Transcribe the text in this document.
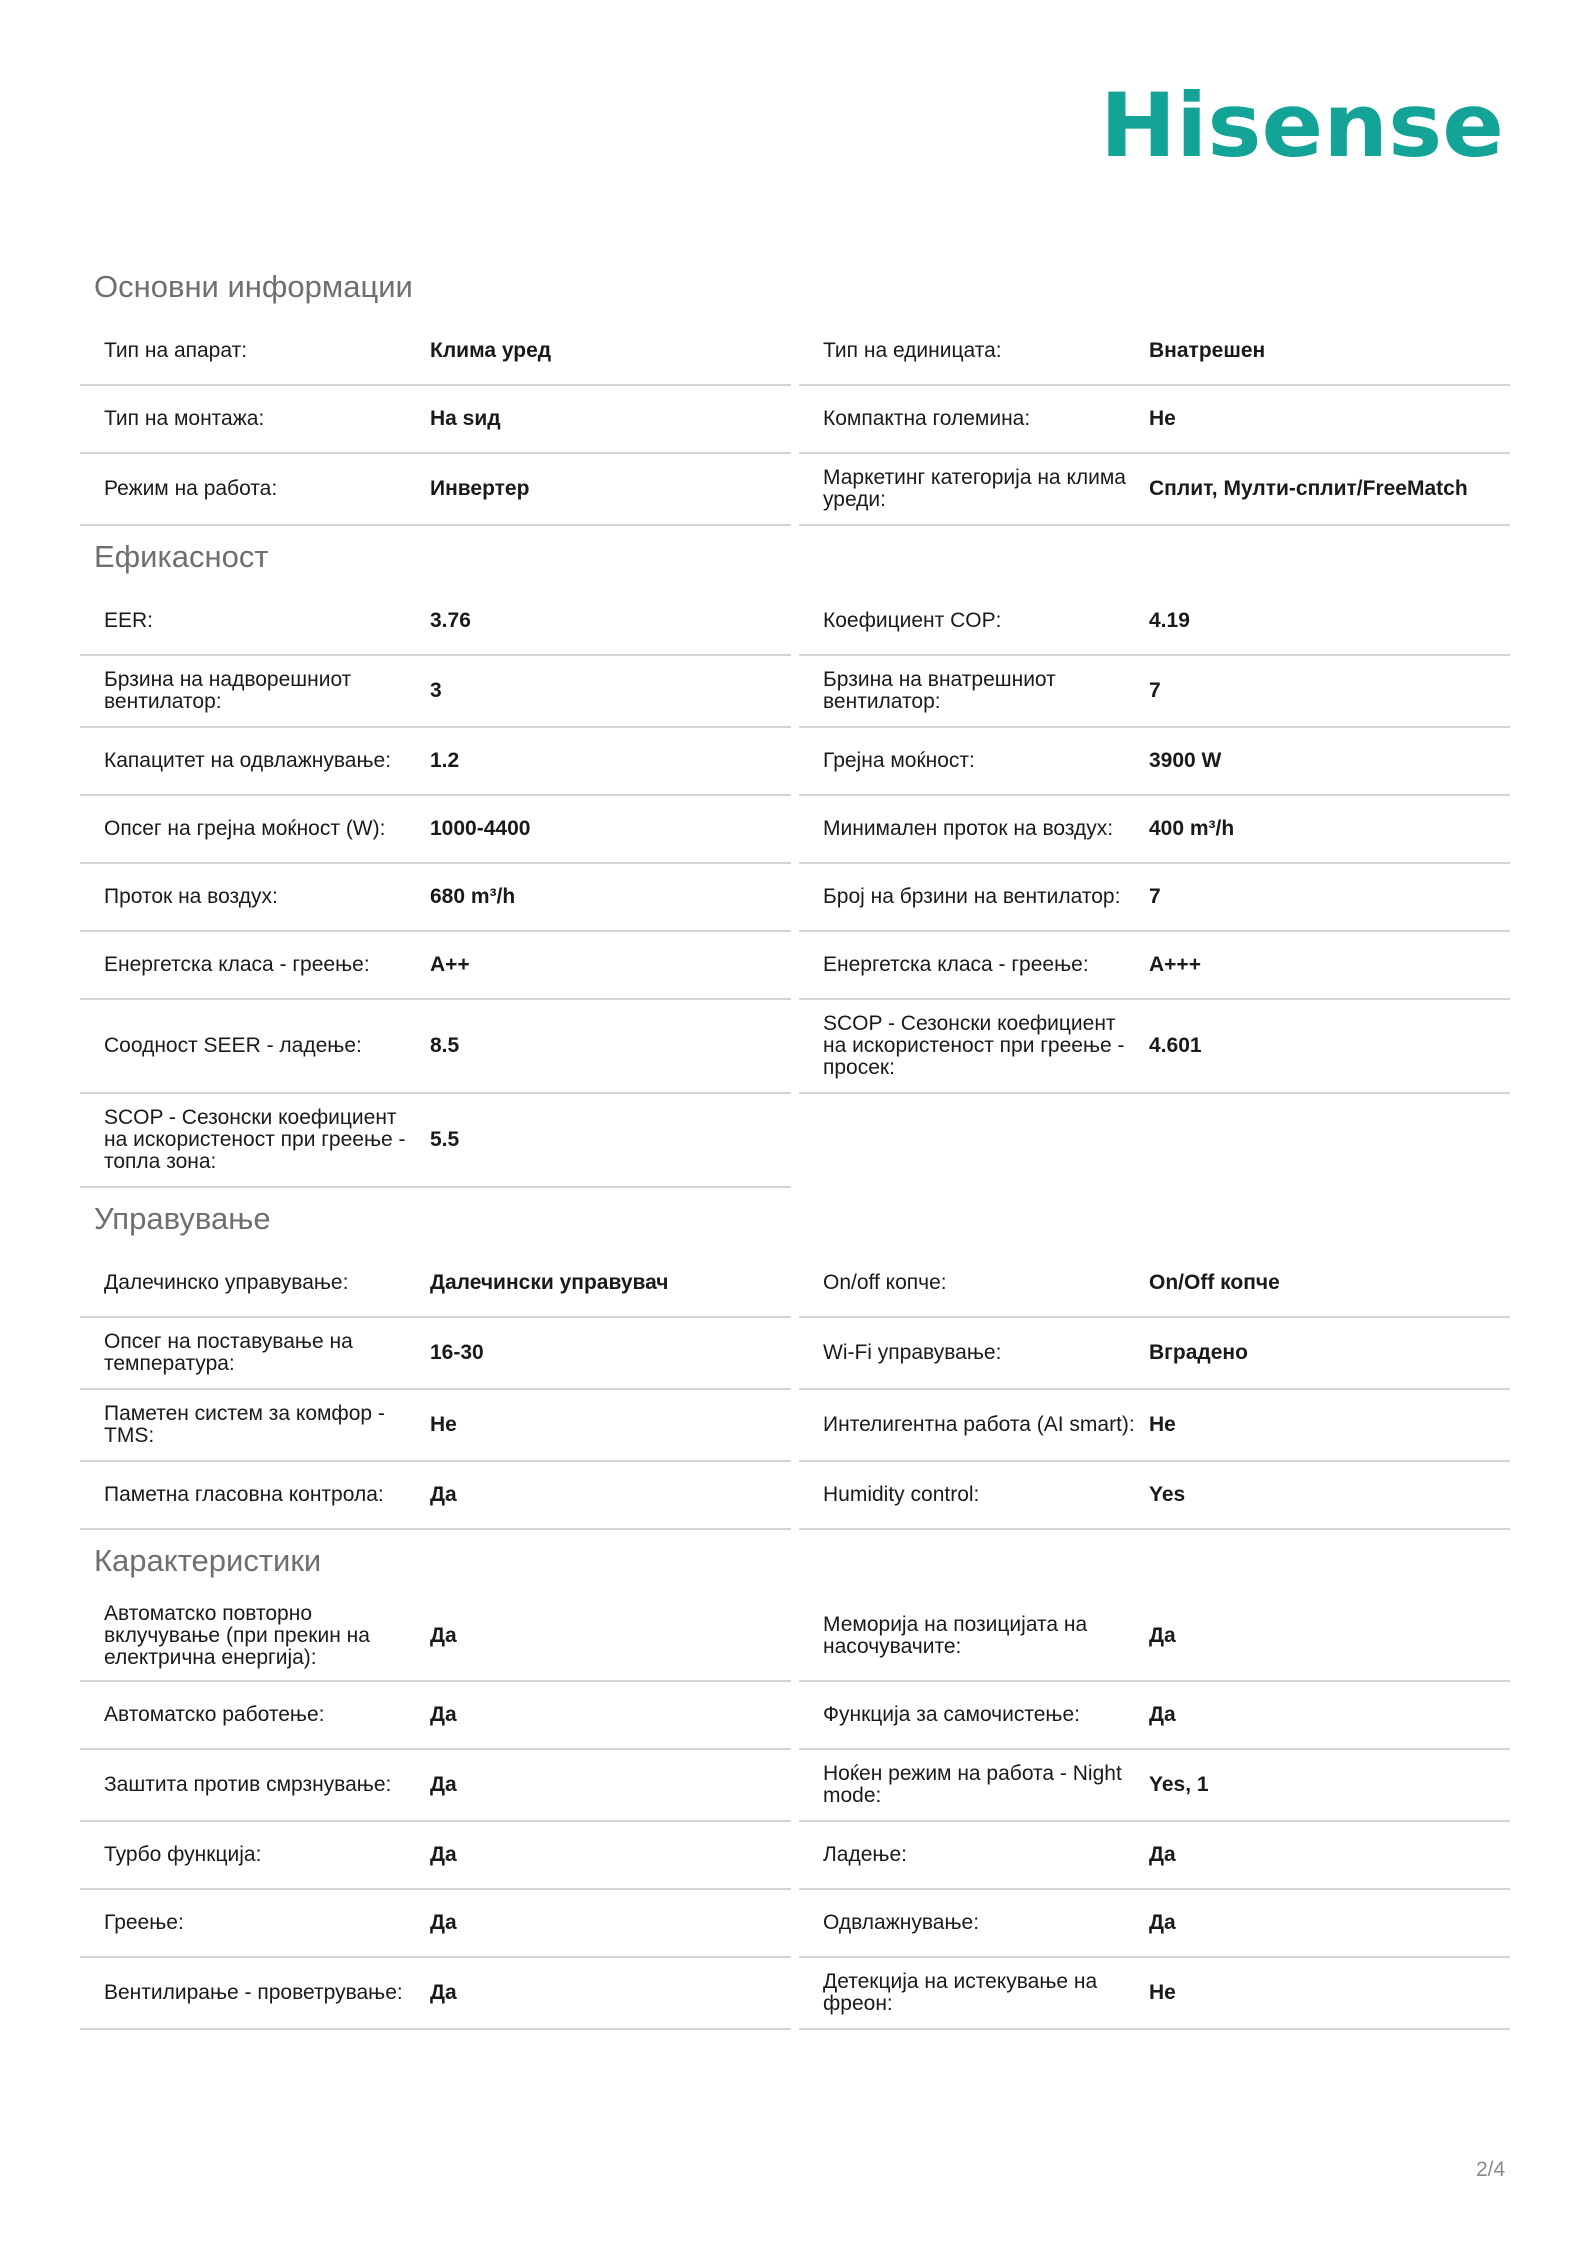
Hisense
Основни информации
Тип на апарат:	Клима уред
Тип на монтажа:	На ѕид
Режим на работа:	Инвертер
Тип на единицата:	Внатрешен
Компактна големина:	Не
Маркетинг категорија на клима уреди:	Сплит, Мулти-сплит/FreeMatch
Ефикасност
EER:	3.76
Брзина на надворешниот вентилатор:	3
Капацитет на одвлажнување:	1.2
Опсег на грејна моќност (W):	1000-4400
Проток на воздух:	680 m³/h
Енергетска класа - греење:	A++
Соодност SEER - ладење:	8.5
SCOP - Сезонски коефициент на искористеност при греење - топла зона:
5.5
Коефициент COP:	4.19
Брзина на внатрешниот вентилатор:	7
Грејна моќност:	3900 W
Минимален проток на воздух:	400 m³/h
Број на брзини на вентилатор:	7
Енергетска класа - греење:	A+++
SCOP - Сезонски коефициент на искористеност при греење - просек:
4.601
Управување
Далечинско управување:	Далечински управувач
Опсег на поставување на температура:	16-30
Паметен систем за комфор - TMS:	Не
Паметна гласовна контрола:	Да
On/off копче:	On/Off копче
Wi-Fi управување:	Вградено
Интелигентна работа (AI smart): Не
Humidity control:	Yes
Карактеристики
Автоматско повторно вклучување (при прекин на електрична енергија):
Да
Автоматско работење:	Да
Заштита против смрзнување:	Да
Турбо функција:	Да
Греење:	Да
Вентилирање - проветрување:	Да
Меморија на позицијата на насочувачите:	Да
Функција за самочистење:	Да
Ноќен режим на работа - Night mode:	Yes, 1
Ладење:	Да
Одвлажнување:	Да
Детекција на истекување на фреон:	Не
2/4
